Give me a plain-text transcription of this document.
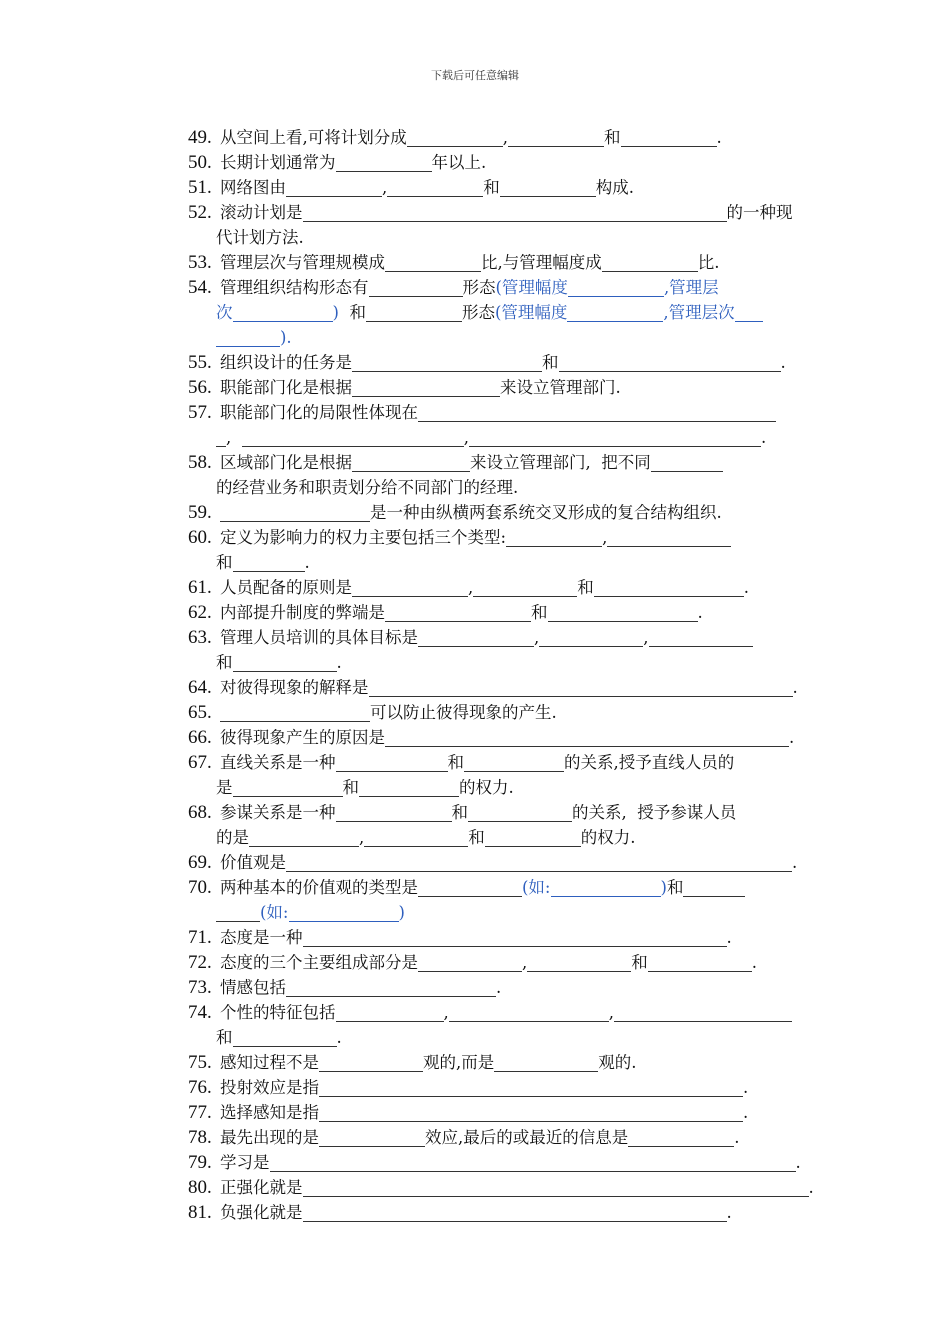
下载后可任意编辑
49. 从空间上看,可将计划分成	,	和	.
50. 长期计划通常为	年以上.
51. 网络图由	,	和	构成.
52. 滚动计划是	的一种现
代计划方法.
53. 管理层次与管理规模成	比,与管理幅度成	比.
54. 管理组织结构形态有	形态(管理幅度	,管理层
次	) 和	形态(管理幅度	,管理层次
).
55. 组织设计的任务是	和	.
56. 职能部门化是根据	来设立管理部门.
57. 职能部门化的局限性体现在
,	,	.
58. 区域部门化是根据	来设立管理部门, 把不同
的经营业务和职责划分给不同部门的经理.
59.	是一种由纵横两套系统交叉形成的复合结构组织.
60. 定义为影响力的权力主要包括三个类型:	,
和	.
61. 人员配备的原则是	,	和	.
62. 内部提升制度的弊端是	和	.
63. 管理人员培训的具体目标是	,	,
和	.
64. 对彼得现象的解释是	.
65.	可以防止彼得现象的产生.
66. 彼得现象产生的原因是	.
67. 直线关系是一种	和	的关系,授予直线人员的
是	和	的权力.
68. 参谋关系是一种	和	的关系, 授予参谋人员
的是	,	和	的权力.
69. 价值观是	.
70. 两种基本的价值观的类型是	(如:	)和
(如:	)
71. 态度是一种	.
72. 态度的三个主要组成部分是	,	和	.
73. 情感包括	.
74. 个性的特征包括	,	,
和	.
75. 感知过程不是	观的,而是	观的.
76. 投射效应是指	.
77. 选择感知是指	.
78. 最先出现的是	效应,最后的或最近的信息是	.
79. 学习是	.
80. 正强化就是	.
81. 负强化就是	.
